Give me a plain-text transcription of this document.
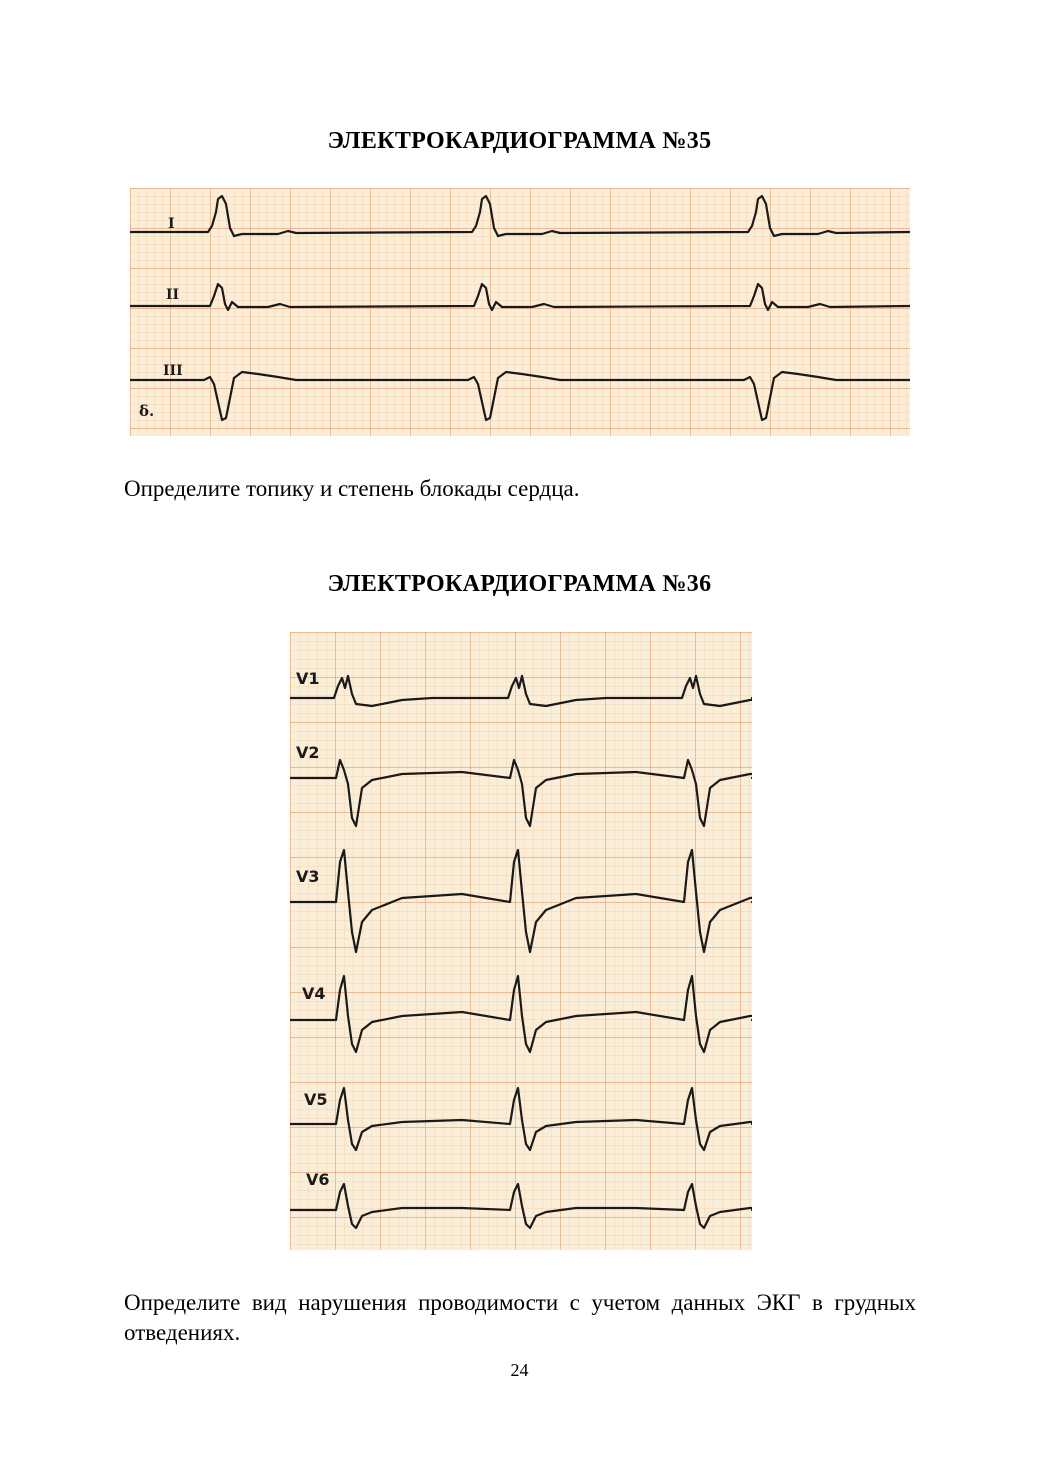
ЭЛЕКТРОКАРДИОГРАММА №35
I
II
III
δ.
Определите топику и степень блокады сердца.
ЭЛЕКТРОКАРДИОГРАММА №36
V1
V2
V3
V4
V5
V6
Определите вид нарушения проводимости с учетом данных ЭКГ в грудных отведениях.
24
